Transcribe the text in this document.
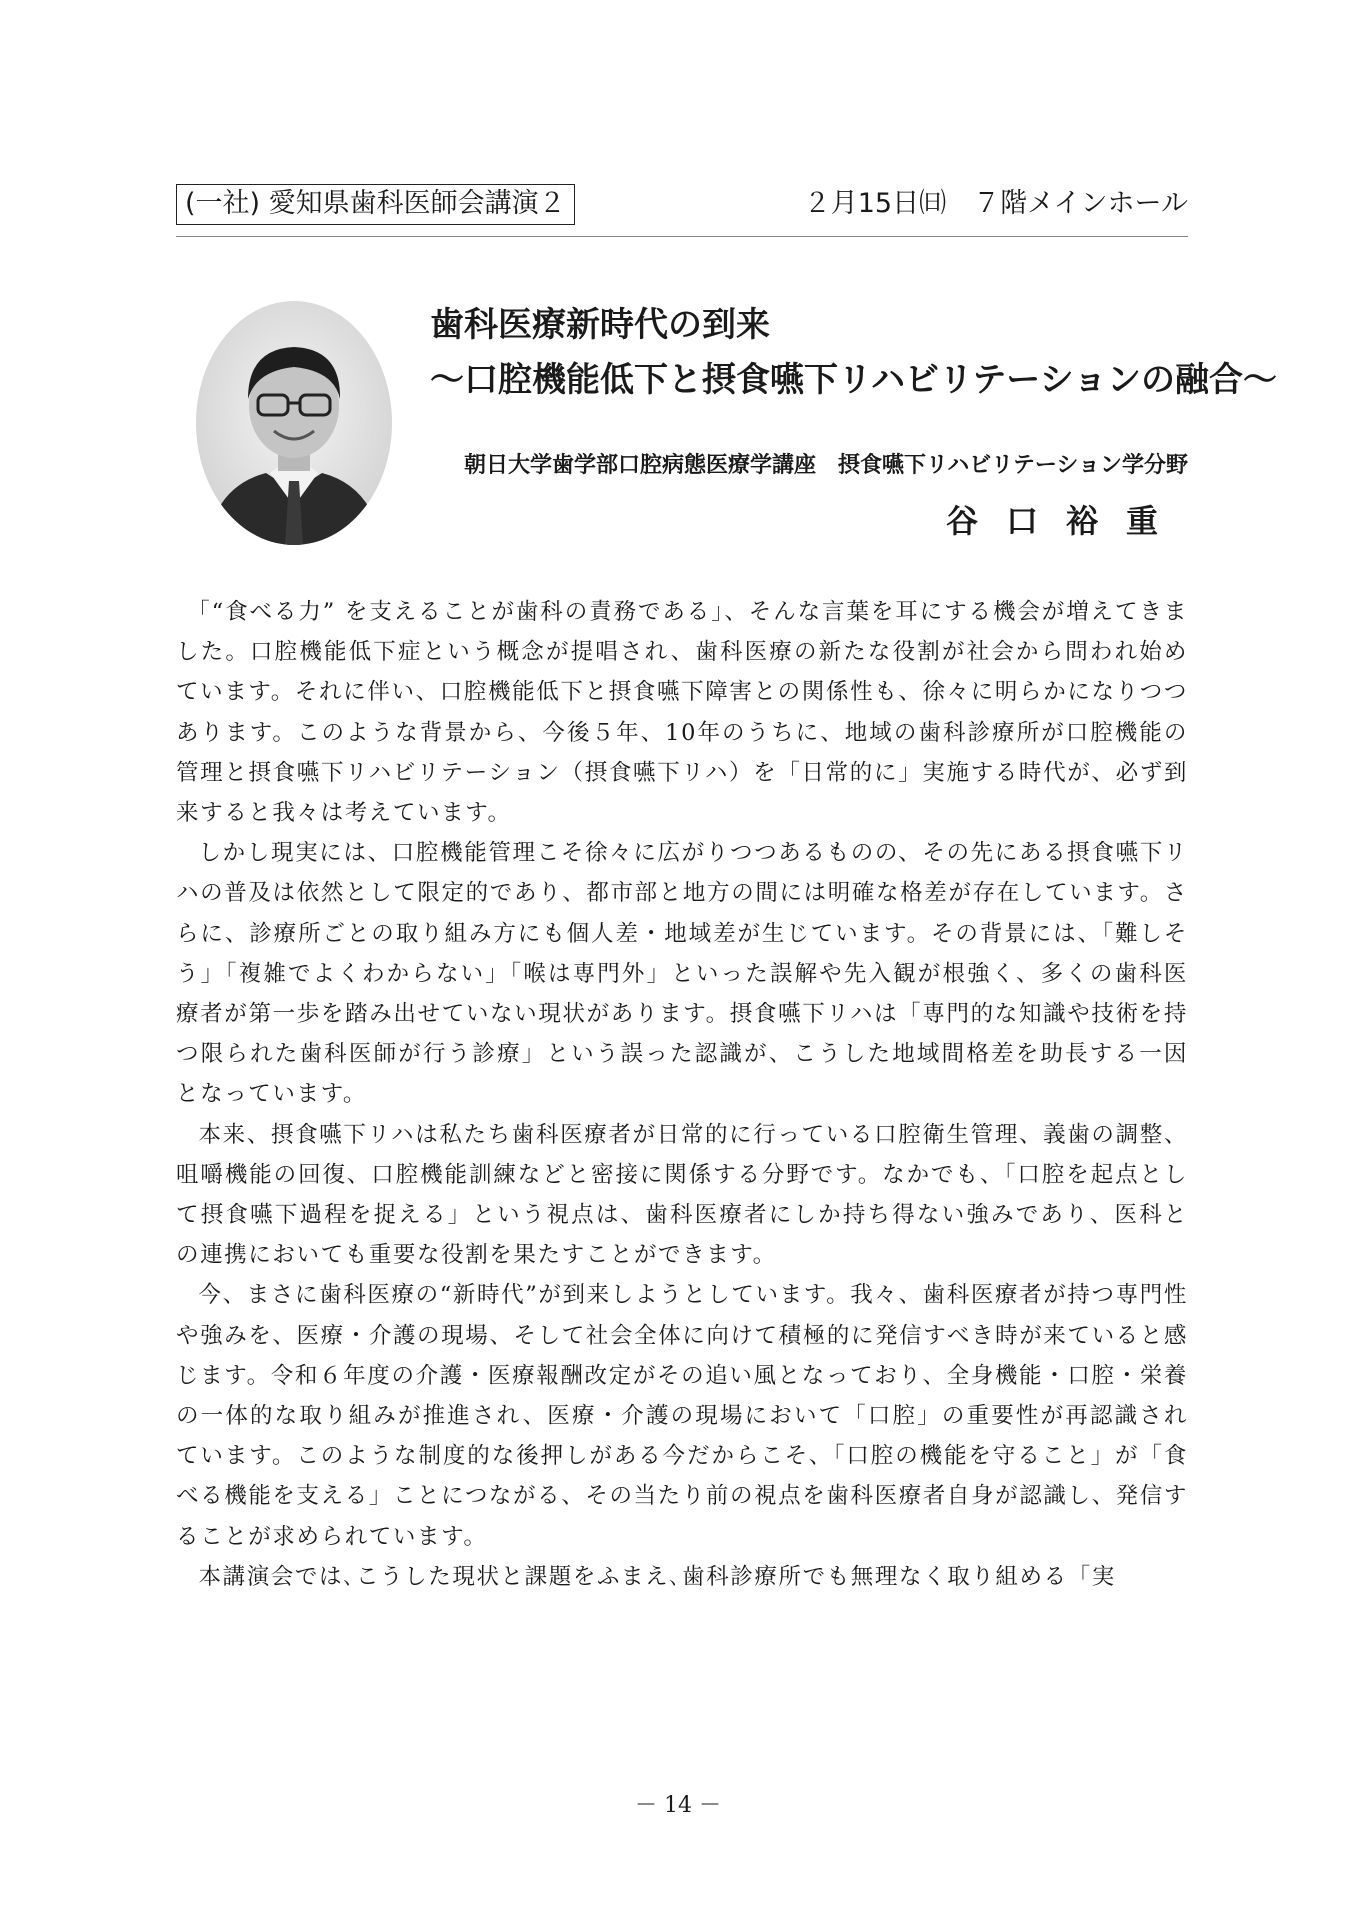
(一社) 愛知県歯科医師会講演２	２月15日㈰　７階メインホール
歯科医療新時代の到来
〜口腔機能低下と摂食嚥下リハビリテーションの融合〜
朝日大学歯学部口腔病態医療学講座　摂食嚥下リハビリテーション学分野
谷口裕重

「“食べる力” を支えることが歯科の責務である」、そんな言葉を耳にする機会が増えてきました。口腔機能低下症という概念が提唱され、歯科医療の新たな役割が社会から問われ始めています。それに伴い、口腔機能低下と摂食嚥下障害との関係性も、徐々に明らかになりつつあります。このような背景から、今後５年、10年のうちに、地域の歯科診療所が口腔機能の管理と摂食嚥下リハビリテーション（摂食嚥下リハ）を「日常的に」実施する時代が、必ず到来すると我々は考えています。

しかし現実には、口腔機能管理こそ徐々に広がりつつあるものの、その先にある摂食嚥下リハの普及は依然として限定的であり、都市部と地方の間には明確な格差が存在しています。さらに、診療所ごとの取り組み方にも個人差・地域差が生じています。その背景には、「難しそう」「複雑でよくわからない」「喉は専門外」といった誤解や先入観が根強く、多くの歯科医療者が第一歩を踏み出せていない現状があります。摂食嚥下リハは「専門的な知識や技術を持つ限られた歯科医師が行う診療」という誤った認識が、こうした地域間格差を助長する一因となっています。

本来、摂食嚥下リハは私たち歯科医療者が日常的に行っている口腔衛生管理、義歯の調整、咀嚼機能の回復、口腔機能訓練などと密接に関係する分野です。なかでも、「口腔を起点として摂食嚥下過程を捉える」という視点は、歯科医療者にしか持ち得ない強みであり、医科との連携においても重要な役割を果たすことができます。

今、まさに歯科医療の“新時代”が到来しようとしています。我々、歯科医療者が持つ専門性や強みを、医療・介護の現場、そして社会全体に向けて積極的に発信すべき時が来ていると感じます。令和６年度の介護・医療報酬改定がその追い風となっており、全身機能・口腔・栄養の一体的な取り組みが推進され、医療・介護の現場において「口腔」の重要性が再認識されています。このような制度的な後押しがある今だからこそ、「口腔の機能を守ること」が「食べる機能を支える」ことにつながる、その当たり前の視点を歯科医療者自身が認識し、発信することが求められています。

本講演会では､こうした現状と課題をふまえ､歯科診療所でも無理なく取り組める「実

－ 14 －
